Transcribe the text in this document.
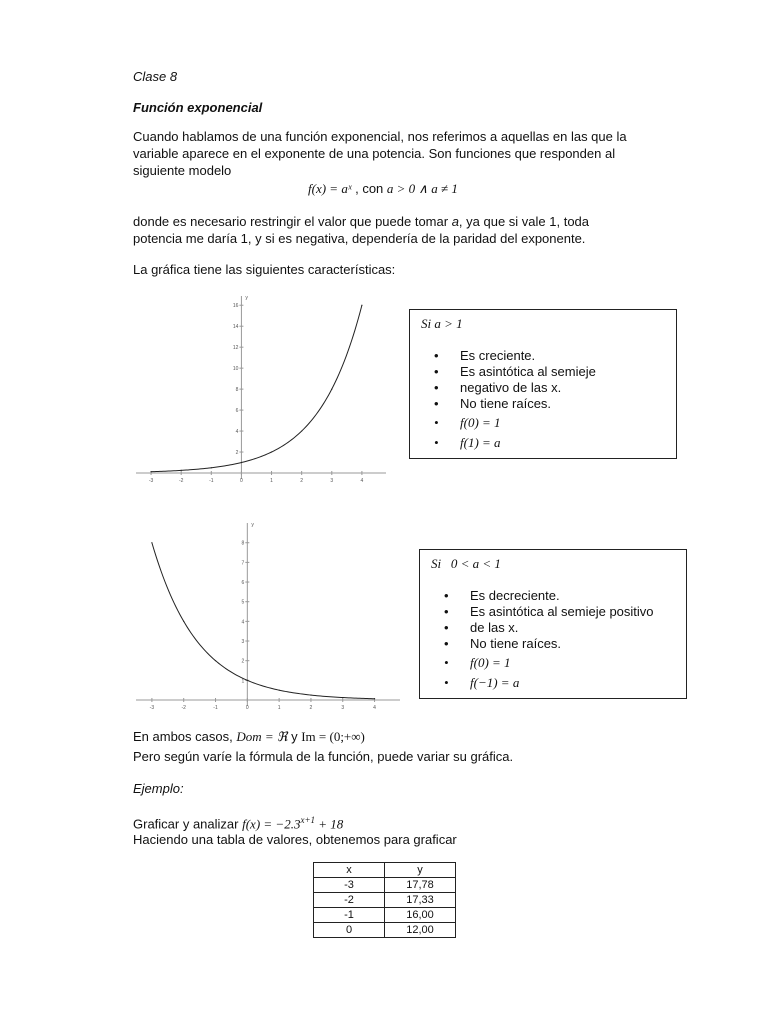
Clase 8
Función exponencial
Cuando hablamos de una función exponencial, nos referimos a aquellas en las que la
variable aparece en el exponente de una potencia. Son funciones que responden al
siguiente modelo
f(x) = aˣ , con a > 0 ∧ a ≠ 1
donde es necesario restringir el valor que puede tomar a, ya que si vale 1, toda
potencia me daría 1, y si es negativa, dependería de la paridad del exponente.
La gráfica tiene las siguientes características:
-3	-2	-1	0	1	2	3	4
2
4
6
8
10
12
14
16
y
Si a > 1
• Es creciente.
• Es asintótica al semieje
• negativo de las x.
• No tiene raíces.
• f(0) = 1
• f(1) = a
-3	-2	-1	0	1	2	3	4
1
2
3
4
5
6
7
8
y
Si   0 < a < 1
• Es decreciente.
• Es asintótica al semieje positivo
• de las x.
• No tiene raíces.
• f(0) = 1
• f(−1) = a
En ambos casos, Dom = ℜ y Im = (0;+∞)
Pero según varíe la fórmula de la función, puede variar su gráfica.
Ejemplo:
Graficar y analizar $f(x) = -2.3^{x+1} + 18$
Haciendo una tabla de valores, obtenemos para graficar
x	y
-3	17,78
-2	17,33
-1	16,00
0	12,00
